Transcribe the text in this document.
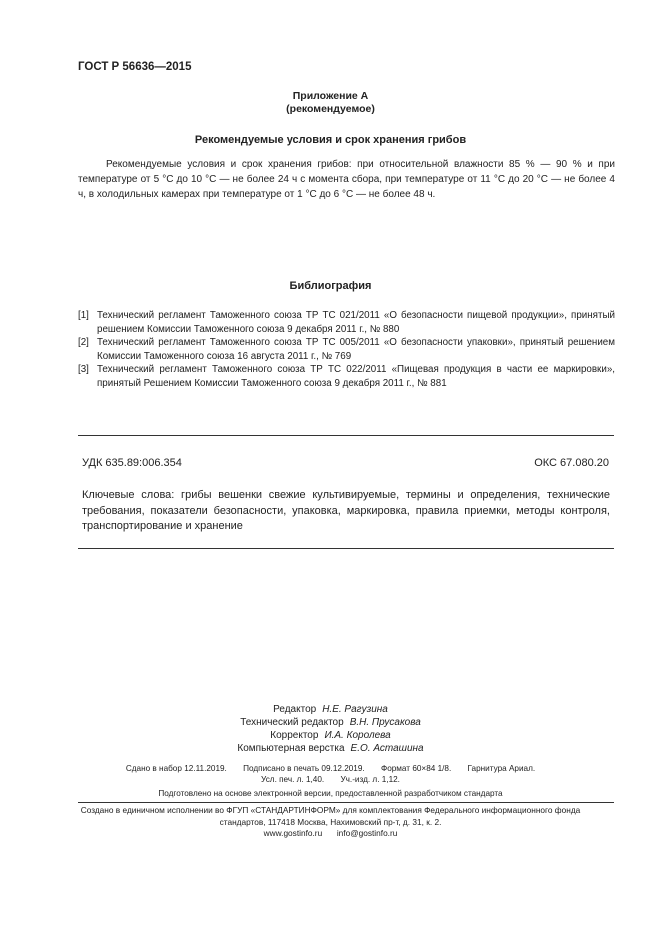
ГОСТ Р 56636—2015
Приложение А
(рекомендуемое)
Рекомендуемые условия и срок хранения грибов

Рекомендуемые условия и срок хранения грибов: при относительной влажности 85 % — 90 % и при температуре от 5 °С до 10 °С — не более 24 ч с момента сбора, при температуре от 11 °С до 20 °С — не более 4 ч, в холодильных камерах при температуре от 1 °С до 6 °С — не более 48 ч.

Библиография
[1] Технический регламент Таможенного союза ТР ТС 021/2011 «О безопасности пищевой продукции», принятый решением Комиссии Таможенного союза 9 декабря 2011 г., № 880
[2] Технический регламент Таможенного союза ТР ТС 005/2011 «О безопасности упаковки», принятый решением Комиссии Таможенного союза 16 августа 2011 г., № 769
[3] Технический регламент Таможенного союза ТР ТС 022/2011 «Пищевая продукция в части ее маркировки», принятый Решением Комиссии Таможенного союза 9 декабря 2011 г., № 881
УДК 635.89:006.354	ОКС 67.080.20

Ключевые слова: грибы вешенки свежие культивируемые, термины и определения, технические требования, показатели безопасности, упаковка, маркировка, правила приемки, методы контроля, транспортирование и хранение

Редактор Н.Е. Рагузина
Технический редактор В.Н. Прусакова
Корректор И.А. Королева
Компьютерная верстка Е.О. Асташина
Сдано в набор 12.11.2019. Подписано в печать 09.12.2019. Формат 60×84 1/8. Гарнитура Ариал.
Усл. печ. л. 1,40. Уч.-изд. л. 1,12.
Подготовлено на основе электронной версии, предоставленной разработчиком стандарта
Создано в единичном исполнении во ФГУП «СТАНДАРТИНФОРМ» для комплектования Федерального информационного фонда
стандартов, 117418 Москва, Нахимовский пр-т, д. 31, к. 2.
www.gostinfo.ru info@gostinfo.ru
